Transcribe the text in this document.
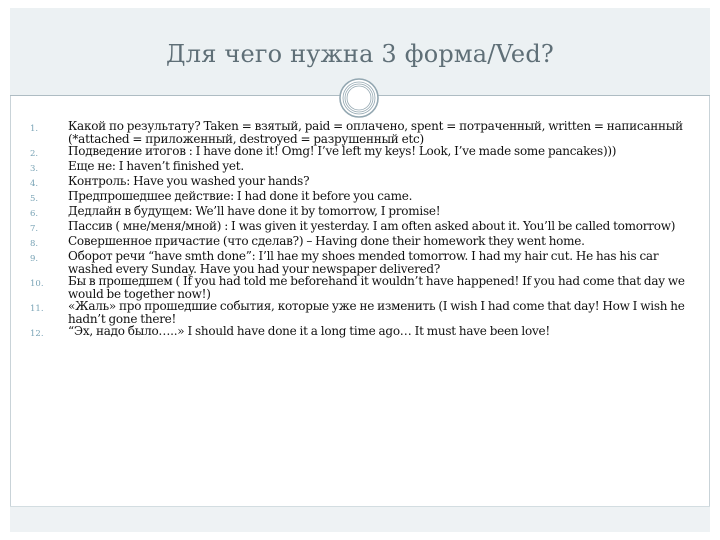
Для чего нужна 3 форма/Ved?
1.	Какой по результату? Taken = взятый, paid = оплачено, spent = потраченный, written = написанный (*attached = приложенный, destroyed = разрушенный etc)
2.	Подведение итогов : I have done it! Omg! I’ve left my keys! Look, I’ve made some pancakes)))
3.	Еще не: I haven’t finished yet.
4.	Контроль: Have you washed your hands?
5.	Предпрошедшее действие: I had done it before you came.
6.	Дедлайн в будущем: We’ll have done it by tomorrow, I promise!
7.	Пассив ( мне/меня/мной) : I was given it yesterday. I am often asked about it. You’ll be called tomorrow)
8.	Совершенное причастие (что сделав?) – Having done their homework they went home.
9.	Оборот речи “have smth done”: I’ll hae my shoes mended tomorrow. I had my hair cut. He has his car washed every Sunday. Have you had your newspaper delivered?
10.	Бы в прошедшем ( If you had told me beforehand it wouldn’t have happened! If you had come that day we would be together now!)
11.	«Жаль» про прошедшие события, которые уже не изменить (I wish I had come that day! How I wish he hadn’t gone there!
12.	“Эх, надо было…..» I should have done it a long time ago… It must have been love!
